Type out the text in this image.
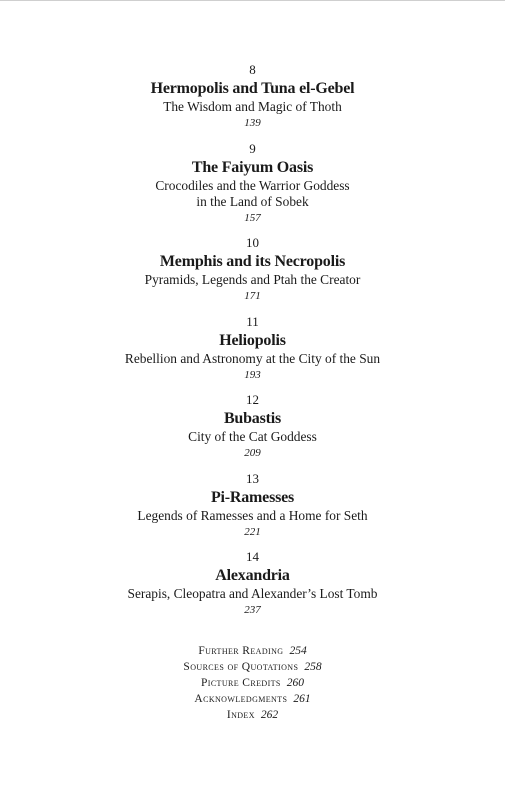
8
Hermopolis and Tuna el-Gebel
The Wisdom and Magic of Thoth
139
9
The Faiyum Oasis
Crocodiles and the Warrior Goddess
in the Land of Sobek
157
10
Memphis and its Necropolis
Pyramids, Legends and Ptah the Creator
171
11
Heliopolis
Rebellion and Astronomy at the City of the Sun
193
12
Bubastis
City of the Cat Goddess
209
13
Pi-Ramesses
Legends of Ramesses and a Home for Seth
221
14
Alexandria
Serapis, Cleopatra and Alexander’s Lost Tomb
237
Further Reading 254
Sources of Quotations 258
Picture Credits 260
Acknowledgments 261
Index 262
